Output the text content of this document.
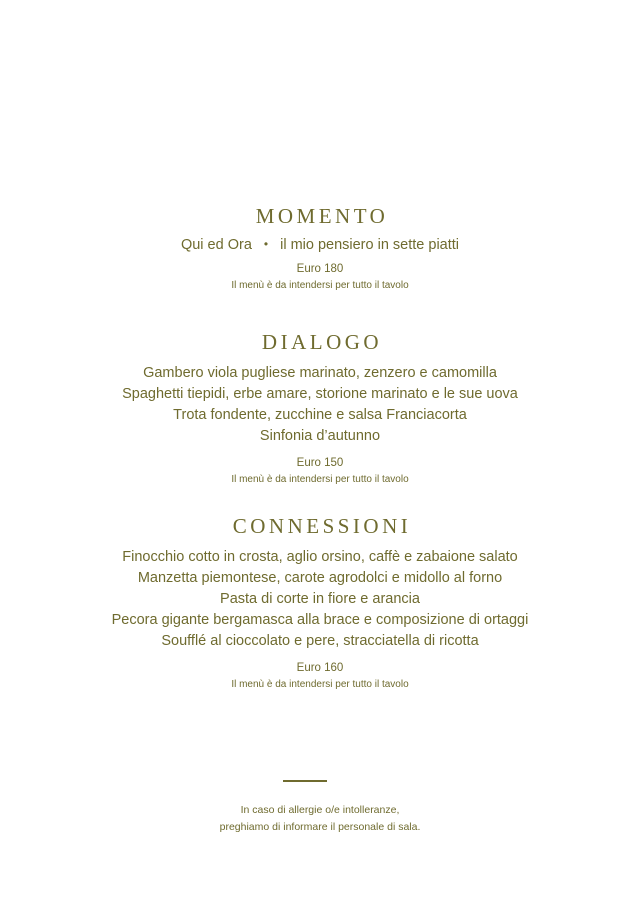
MOMENTO
Qui ed Ora • il mio pensiero in sette piatti
Euro 180
Il menù è da intendersi per tutto il tavolo
DIALOGO
Gambero viola pugliese marinato, zenzero e camomilla
Spaghetti tiepidi, erbe amare, storione marinato e le sue uova
Trota fondente, zucchine e salsa Franciacorta
Sinfonia d’autunno
Euro 150
Il menù è da intendersi per tutto il tavolo
CONNESSIONI
Finocchio cotto in crosta, aglio orsino, caffè e zabaione salato
Manzetta piemontese, carote agrodolci e midollo al forno
Pasta di corte in fiore e arancia
Pecora gigante bergamasca alla brace e composizione di ortaggi
Soufflé al cioccolato e pere, stracciatella di ricotta
Euro 160
Il menù è da intendersi per tutto il tavolo
In caso di allergie o/e intolleranze,
preghiamo di informare il personale di sala.
